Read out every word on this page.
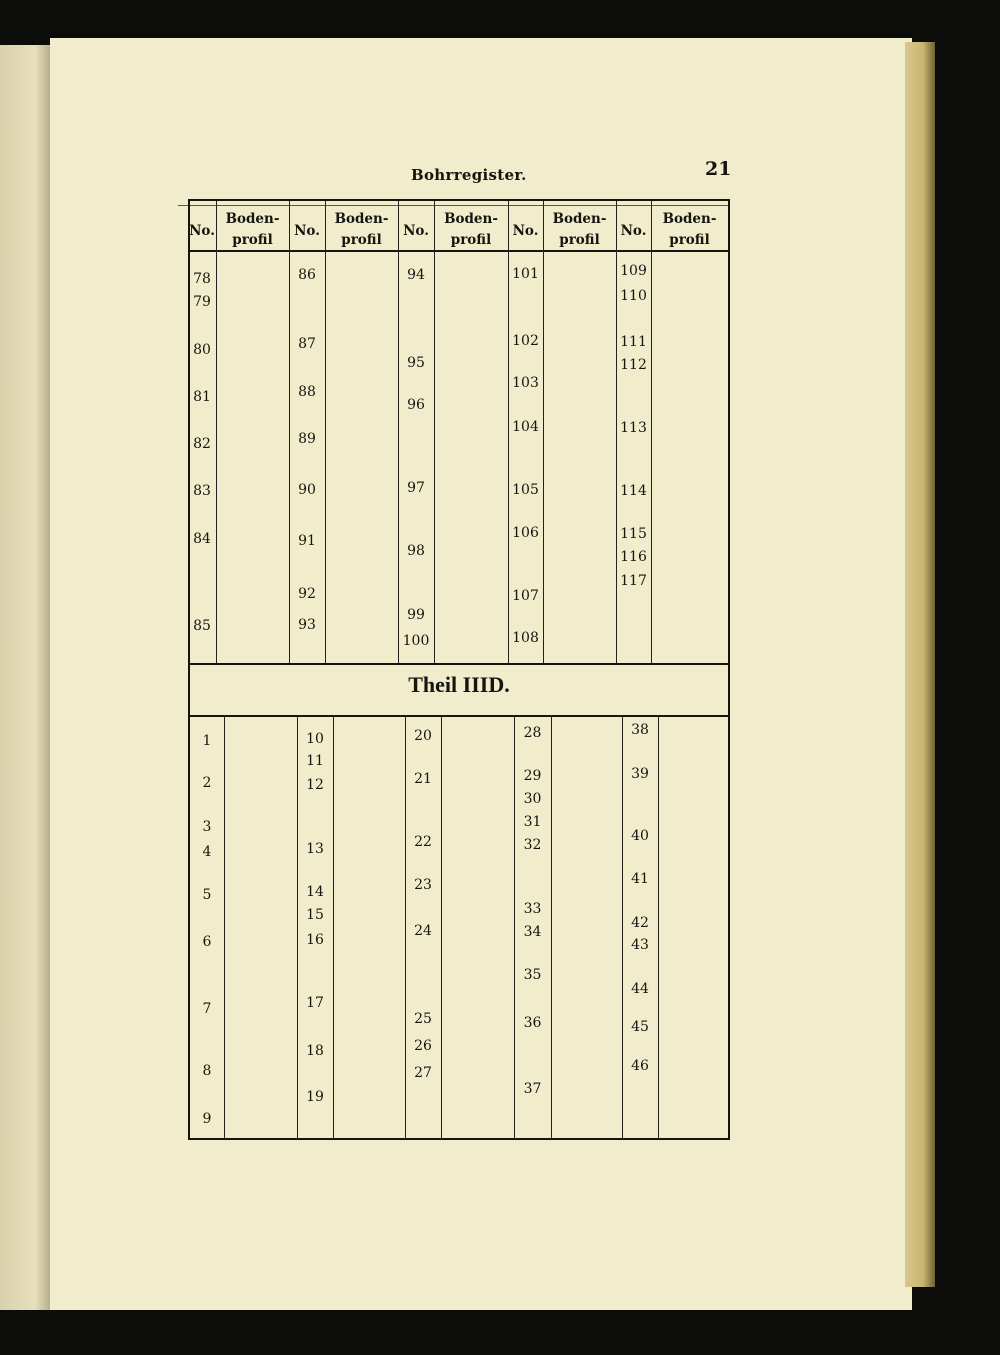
Bohrregister.	21
No.
Boden-
profil
No.
Boden-
profil
No.
Boden-
profil
No.
Boden-
profil
No.
Boden-
profil
78
79
80
81
82
83
84
85
86
87
88
89
90
91
92
93
94
95
96
97
98
99
100
101
102
103
104
105
106
107
108
109
110
111
112
113
114
115
116
117
Theil IIID.
1
2
3
4
5
6
7
8
9
10
11
12
13
14
15
16
17
18
19
20
21
22
23
24
25
26
27
28
29
30
31
32
33
34
35
36
37
38
39
40
41
42
43
44
45
46
